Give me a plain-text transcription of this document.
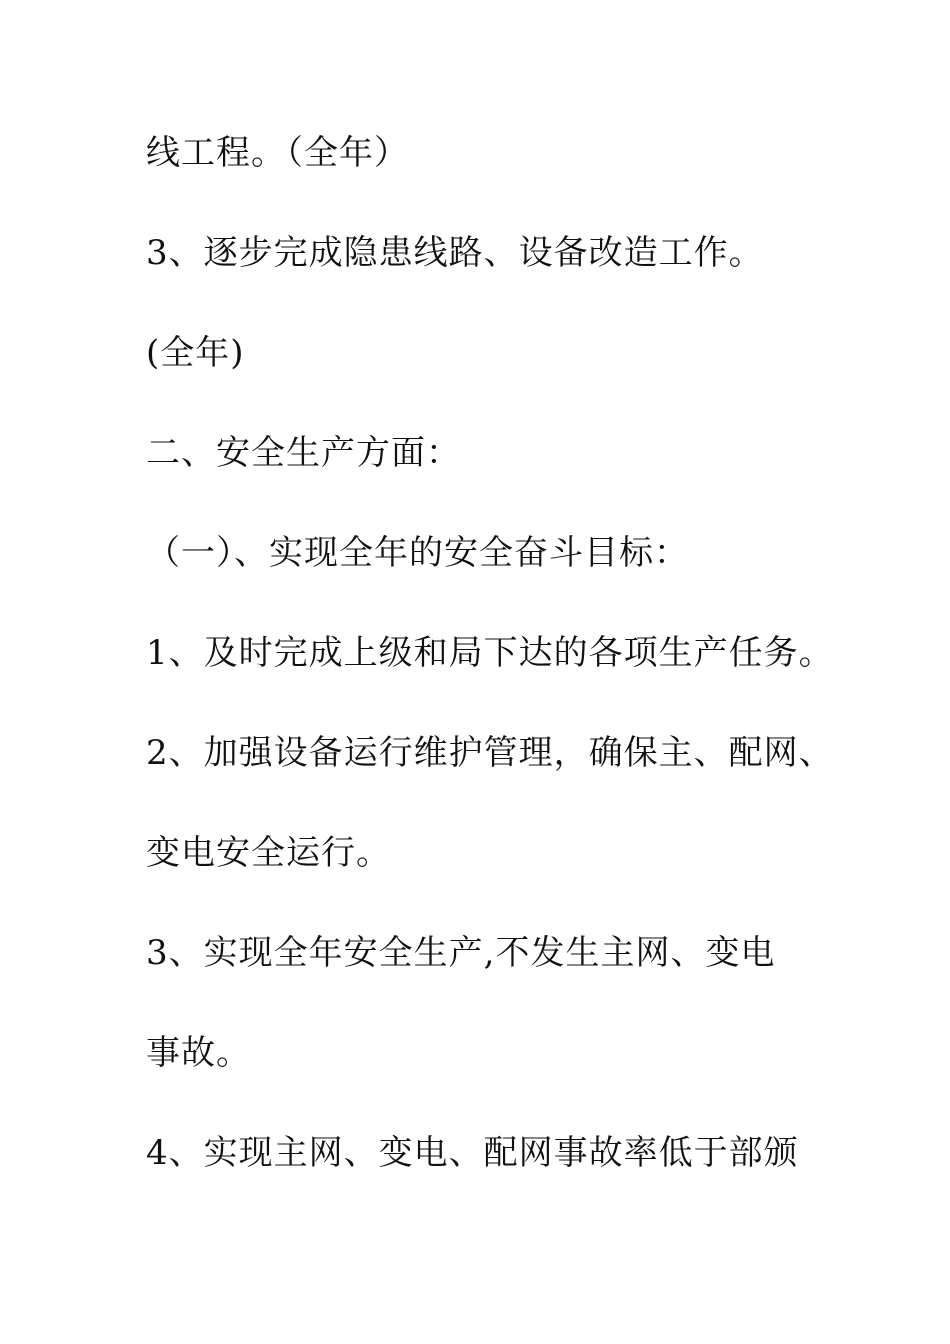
线工程。（全年）
3、逐步完成隐患线路、设备改造工作。
(全年)
二、安全生产方面：
（一）、实现全年的安全奋斗目标：
1、及时完成上级和局下达的各项生产任务。
2、加强设备运行维护管理，确保主、配网、
变电安全运行。
3、实现全年安全生产,不发生主网、变电
事故。
4、实现主网、变电、配网事故率低于部颁
